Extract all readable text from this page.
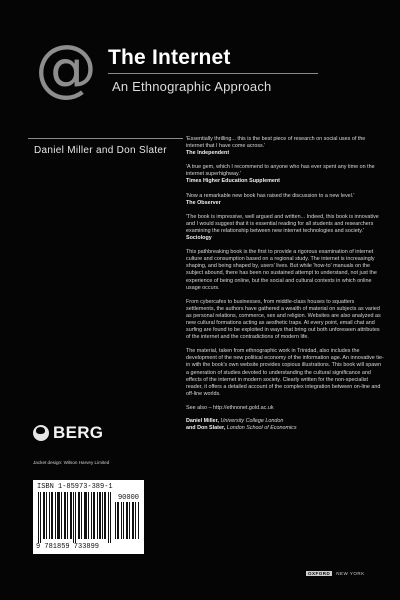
@ The Internet
An Ethnographic Approach
Daniel Miller and Don Slater
'Essentially thrilling... this is the best piece of research on social uses of the internet that I have come across.'
The Independent
'A true gem, which I recommend to anyone who has ever spent any time on the internet superhighway.'
Times Higher Education Supplement
'Now a remarkable new book has raised the discussion to a new level.'
The Observer
'The book is impressive, well argued and written... Indeed, this book is innovative and I would suggest that it is essential reading for all students and researchers examining the relationship between new internet technologies and society.'
Sociology
This pathbreaking book is the first to provide a rigorous examination of internet culture and consumption based on a regional study. The internet is increasingly shaping, and being shaped by, users' lives. But while 'how-to' manuals on the subject abound, there has been no sustained attempt to understand, not just the experience of being online, but the social and cultural contexts in which online usage occurs.
From cybercafes to businesses, from middle-class houses to squatters settlements, the authors have gathered a wealth of material on subjects as varied as personal relations, commerce, sex and religion. Websites are also analyzed as new cultural formations acting as aesthetic traps. At every point, email chat and surfing are found to be exploited in ways that bring out both unforeseen attributes of the internet and the contradictions of modern life.
The material, taken from ethnographic work in Trinidad, also includes the development of the new political economy of the information age. An innovative tie-in with the book's own website provides copious illustrations. This book will spawn a generation of studies devoted to understanding the cultural significance and effects of the internet in modern society. Clearly written for the non-specialist reader, it offers a detailed account of the complex integration between on-line and off-line worlds.
See also – http://ethnonet.gold.ac.uk
Daniel Miller, University College London
and Don Slater, London School of Economics
BERG
Jacket design: Wilson Harvey Limited
ISBN 1-85973-389-1
90000
9 781859 733899
OXFORD	NEW YORK
